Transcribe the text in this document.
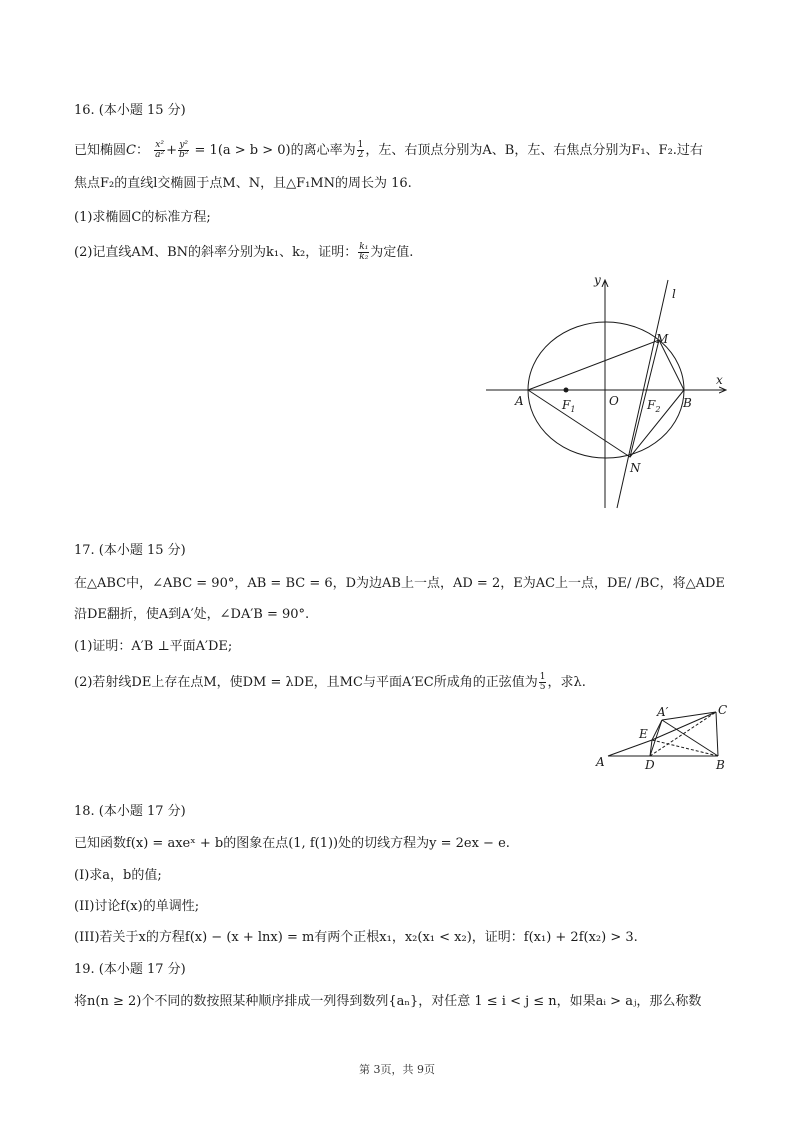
16. (本小题 15 分)
已知椭圆C： $\frac{\text{x²}}{\text{a²}} + \frac{\text{y²}}{\text{b²}} = 1(a > b > 0)$的离心率为 $\frac{1}{2}$ ，左、右顶点分别为A、B，左、右焦点分别为F₁、F₂.过右
焦点F₂的直线l交椭圆于点M、N，且△F₁MN的周长为 16.
(1)求椭圆C的标准方程;
(2)记直线AM、BN的斜率分别为k₁、k₂，证明： $\frac{\text{k₁}}{\text{k₂}}$ 为定值.
y
l
x
M
A	$F_1$
O $F_2$ B
N
17. (本小题 15 分)
在△ABC中，∠ABC = 90°，AB = BC = 6，D为边AB上一点，AD = 2，E为AC上一点，DE/ /BC，将△ADE
沿DE翻折，使A到A′处，∠DA′B = 90°.
(1)证明：A′B ⊥平面A′DE;
(2)若射线DE上存在点M，使DM = λDE，且MC与平面A′EC所成角的正弦值为 $\frac{1}{5}$ ，求λ.
A′	C
E
A	D	B
18. (本小题 17 分)
已知函数f(x) = axeˣ + b的图象在点(1, f(1))处的切线方程为y = 2ex − e.
(I)求a，b的值;
(II)讨论f(x)的单调性;
(III)若关于x的方程f(x) − (x + lnx) = m有两个正根x₁，x₂(x₁ < x₂)，证明：f(x₁) + 2f(x₂) > 3.
19. (本小题 17 分)
将n(n ≥ 2)个不同的数按照某种顺序排成一列得到数列{aₙ}，对任意 1 ≤ i < j ≤ n，如果aᵢ > aⱼ，那么称数
第 3页，共 9页
